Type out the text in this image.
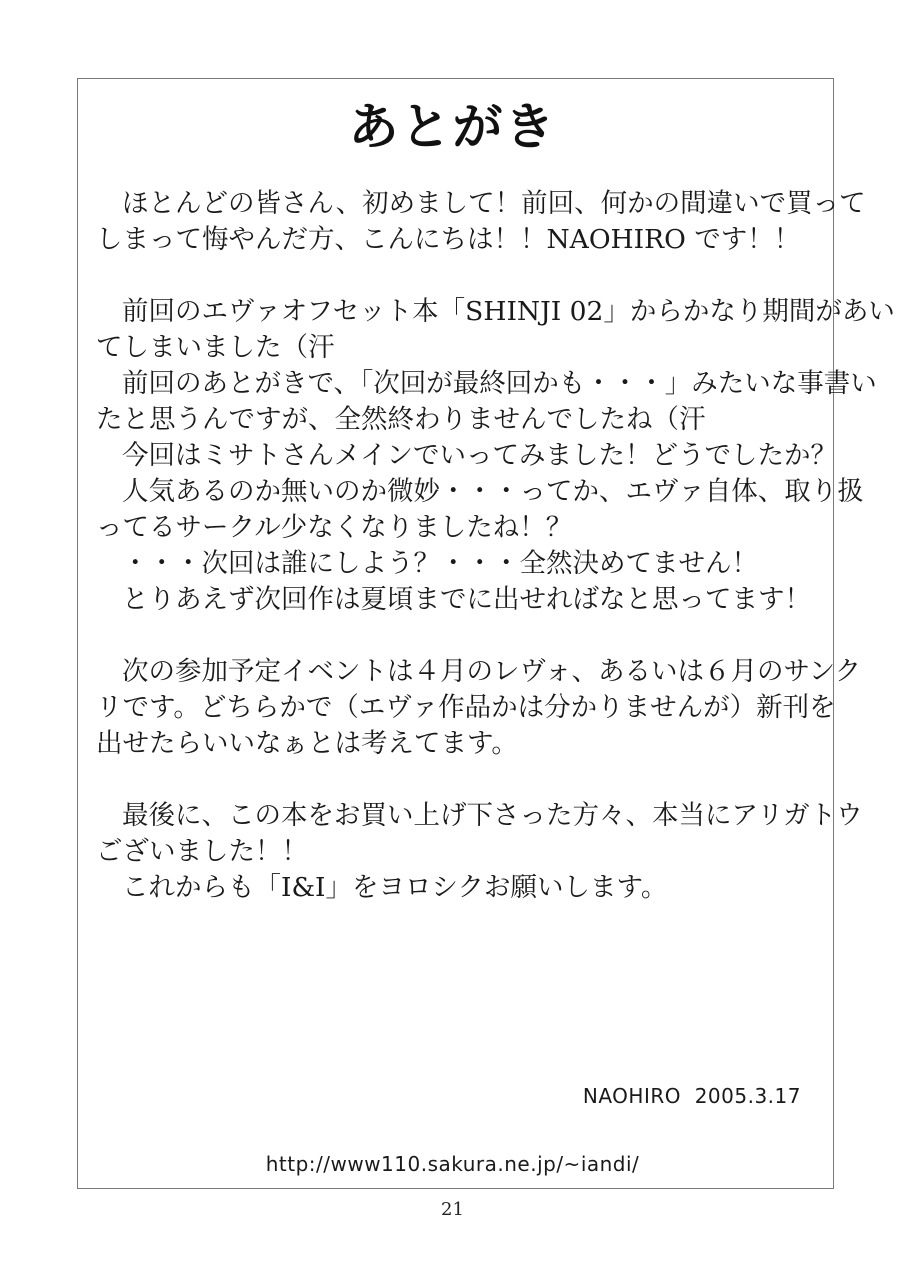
あとがき
ほとんどの皆さん、初めまして！前回、何かの間違いで買って
しまって悔やんだ方、こんにちは！！NAOHIRO です！！
前回のエヴァオフセット本「SHINJI 02」からかなり期間があい
てしまいました（汗
前回のあとがきで、「次回が最終回かも・・・」みたいな事書い
たと思うんですが、全然終わりませんでしたね（汗
今回はミサトさんメインでいってみました！どうでしたか？
人気あるのか無いのか微妙・・・ってか、エヴァ自体、取り扱
ってるサークル少なくなりましたね！？
・・・次回は誰にしよう？・・・全然決めてません！
とりあえず次回作は夏頃までに出せればなと思ってます！
次の参加予定イベントは４月のレヴォ、あるいは６月のサンク
リです。どちらかで（エヴァ作品かは分かりませんが）新刊を
出せたらいいなぁとは考えてます。
最後に、この本をお買い上げ下さった方々、本当にアリガトウ
ございました！！
これからも「I&I」をヨロシクお願いします。
NAOHIRO  2005.3.17
http://www110.sakura.ne.jp/~iandi/
21
